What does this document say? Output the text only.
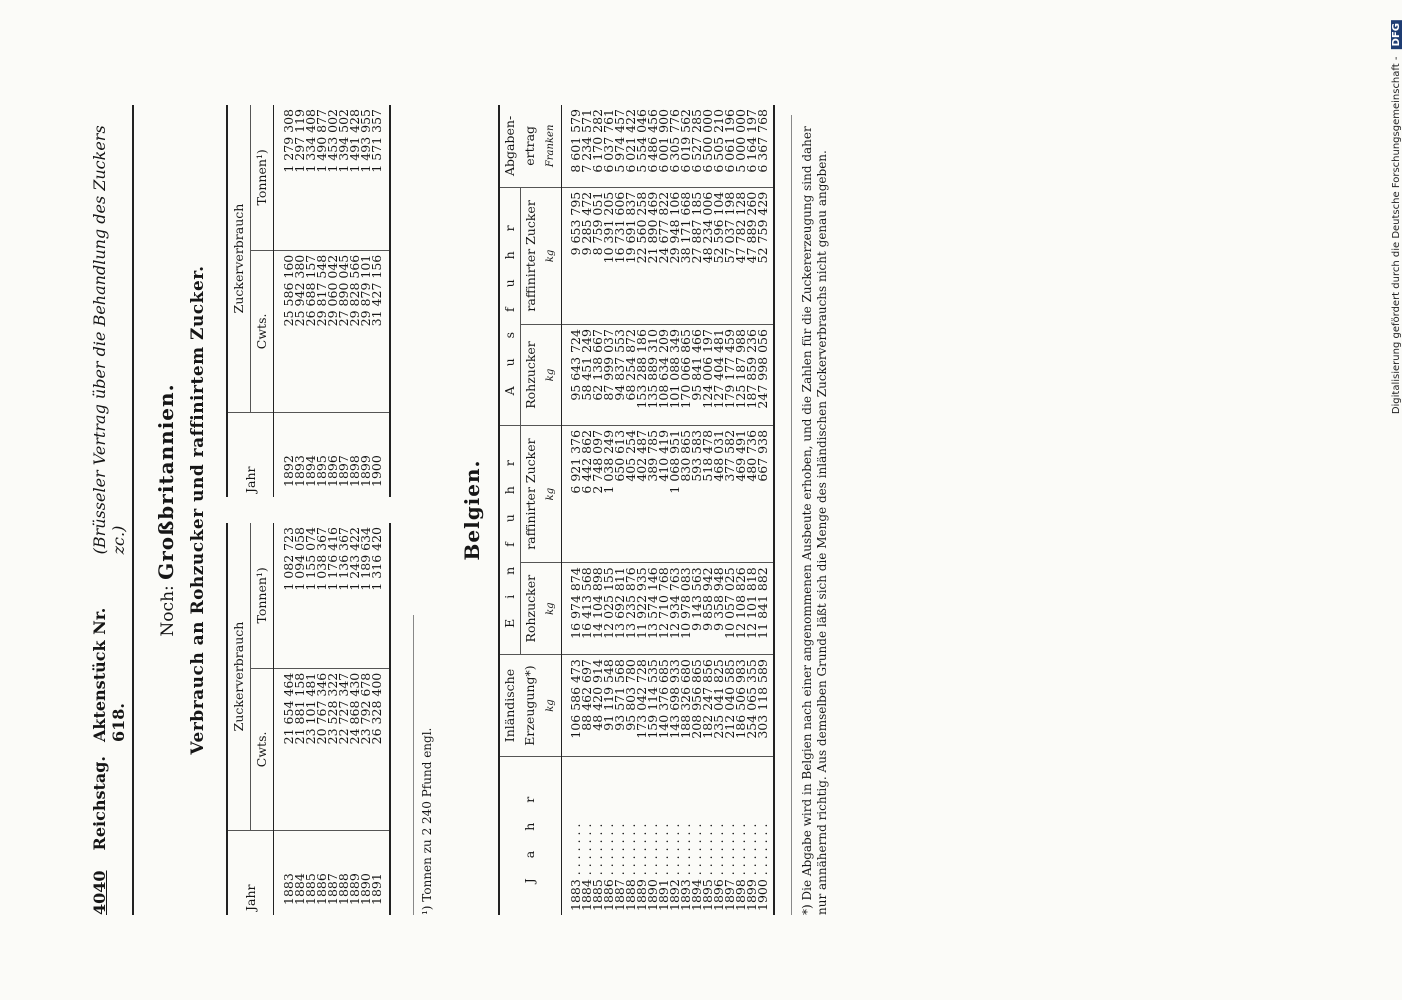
4040
Reichstag.
Aktenstück Nr. 618.
(Brüsseler Vertrag über die Behandlung des Zuckers zc.)
Noch: Großbritannien. Verbrauch an Rohzucker und raffinirtem Zucker.
Jahr	Zuckerverbrauch	
	Cwts.	Tonnen¹)
1883	21 654 464	1 082 723
1884	21 881 158	1 094 058
1885	23 101 481	1 155 074
1886	20 767 346	1 038 367
1887	23 528 322	1 176 416
1888	22 727 347	1 136 367
1889	24 868 430	1 243 422
1890	23 792 678	1 189 634
1891	26 328 400	1 316 420

Jahr	Zuckerverbrauch	
	Cwts.	Tonnen¹)
1892	25 586 160	1 279 308
1893	25 942 380	1 297 119
1894	26 688 157	1 334 408
1895	29 817 548	1 490 877
1896	29 060 042	1 453 002
1897	27 890 045	1 394 502
1898	29 828 566	1 491 428
1899	29 879 101	1 493 955
1900	31 427 156	1 571 357

¹) Tonnen zu 2 240 Pfund engl.
Belgien.
J a h r	Inländische	E i n f u h r		A u s f u h r		Abgaben-
	Erzeugung*)	Rohzucker	raffinirter Zucker	Rohzucker	raffinirter Zucker	ertrag
	kg	kg	kg	kg	kg	Franken
1883 . . . . . . .	106 586 473	16 974 874	6 921 376	95 643 724	9 653 795	8 601 579
1884 . . . . . . .	88 462 697	16 413 568	6 442 862	58 451 249	9 285 472	7 234 571
1885 . . . . . . .	48 420 914	14 104 898	2 748 097	62 138 667	8 759 051	6 170 282
1886 . . . . . . .	91 119 548	12 025 155	1 038 249	87 999 037	10 391 205	6 037 761
1887 . . . . . . .	93 571 568	13 692 811	650 613	94 837 553	16 731 606	5 974 457
1888 . . . . . . .	95 803 780	13 235 876	405 254	68 254 872	19 691 837	6 021 422
1889 . . . . . . .	173 042 728	11 922 935	402 487	153 288 186	22 560 258	5 554 046
1890 . . . . . . .	159 114 535	13 574 146	389 785	135 889 310	21 890 469	6 486 456
1891 . . . . . . .	140 376 685	12 710 768	410 419	108 634 209	24 677 822	6 001 900
1892 . . . . . . .	143 698 933	12 934 763	1 068 951	101 088 349	29 948 106	6 305 776
1893 . . . . . . .	188 326 680	10 978 083	830 865	170 066 865	38 171 668	6 019 562
1894 . . . . . . .	208 956 865	9 143 563	593 583	95 841 466	27 887 185	6 527 285
1895 . . . . . . .	182 247 856	9 858 942	518 478	124 006 197	48 234 006	6 500 000
1896 . . . . . . .	235 041 825	9 358 948	468 031	127 404 481	52 596 104	6 505 210
1897 . . . . . . .	212 040 585	10 057 025	377 582	179 177 459	57 037 198	6 061 196
1898 . . . . . . .	186 506 983	12 108 826	469 491	125 187 988	47 782 128	5 000 000
1899 . . . . . . .	254 065 355	12 101 818	480 736	187 859 236	47 889 260	6 164 197
1900 . . . . . . .	303 118 589	11 841 882	667 938	247 998 056	52 759 429	6 367 768
							*) Die Abgabe wird in Belgien nach einer angenommenen Ausbeute erhoben, und die Zahlen für die Zuckererzeugung sind daher nur annähernd richtig. Aus demselben Grunde läßt sich die Menge des inländischen Zuckerverbrauchs nicht genau angeben.	Digitalisierung gefördert durch die Deutsche Forschungsgemeinschaft - DFG
